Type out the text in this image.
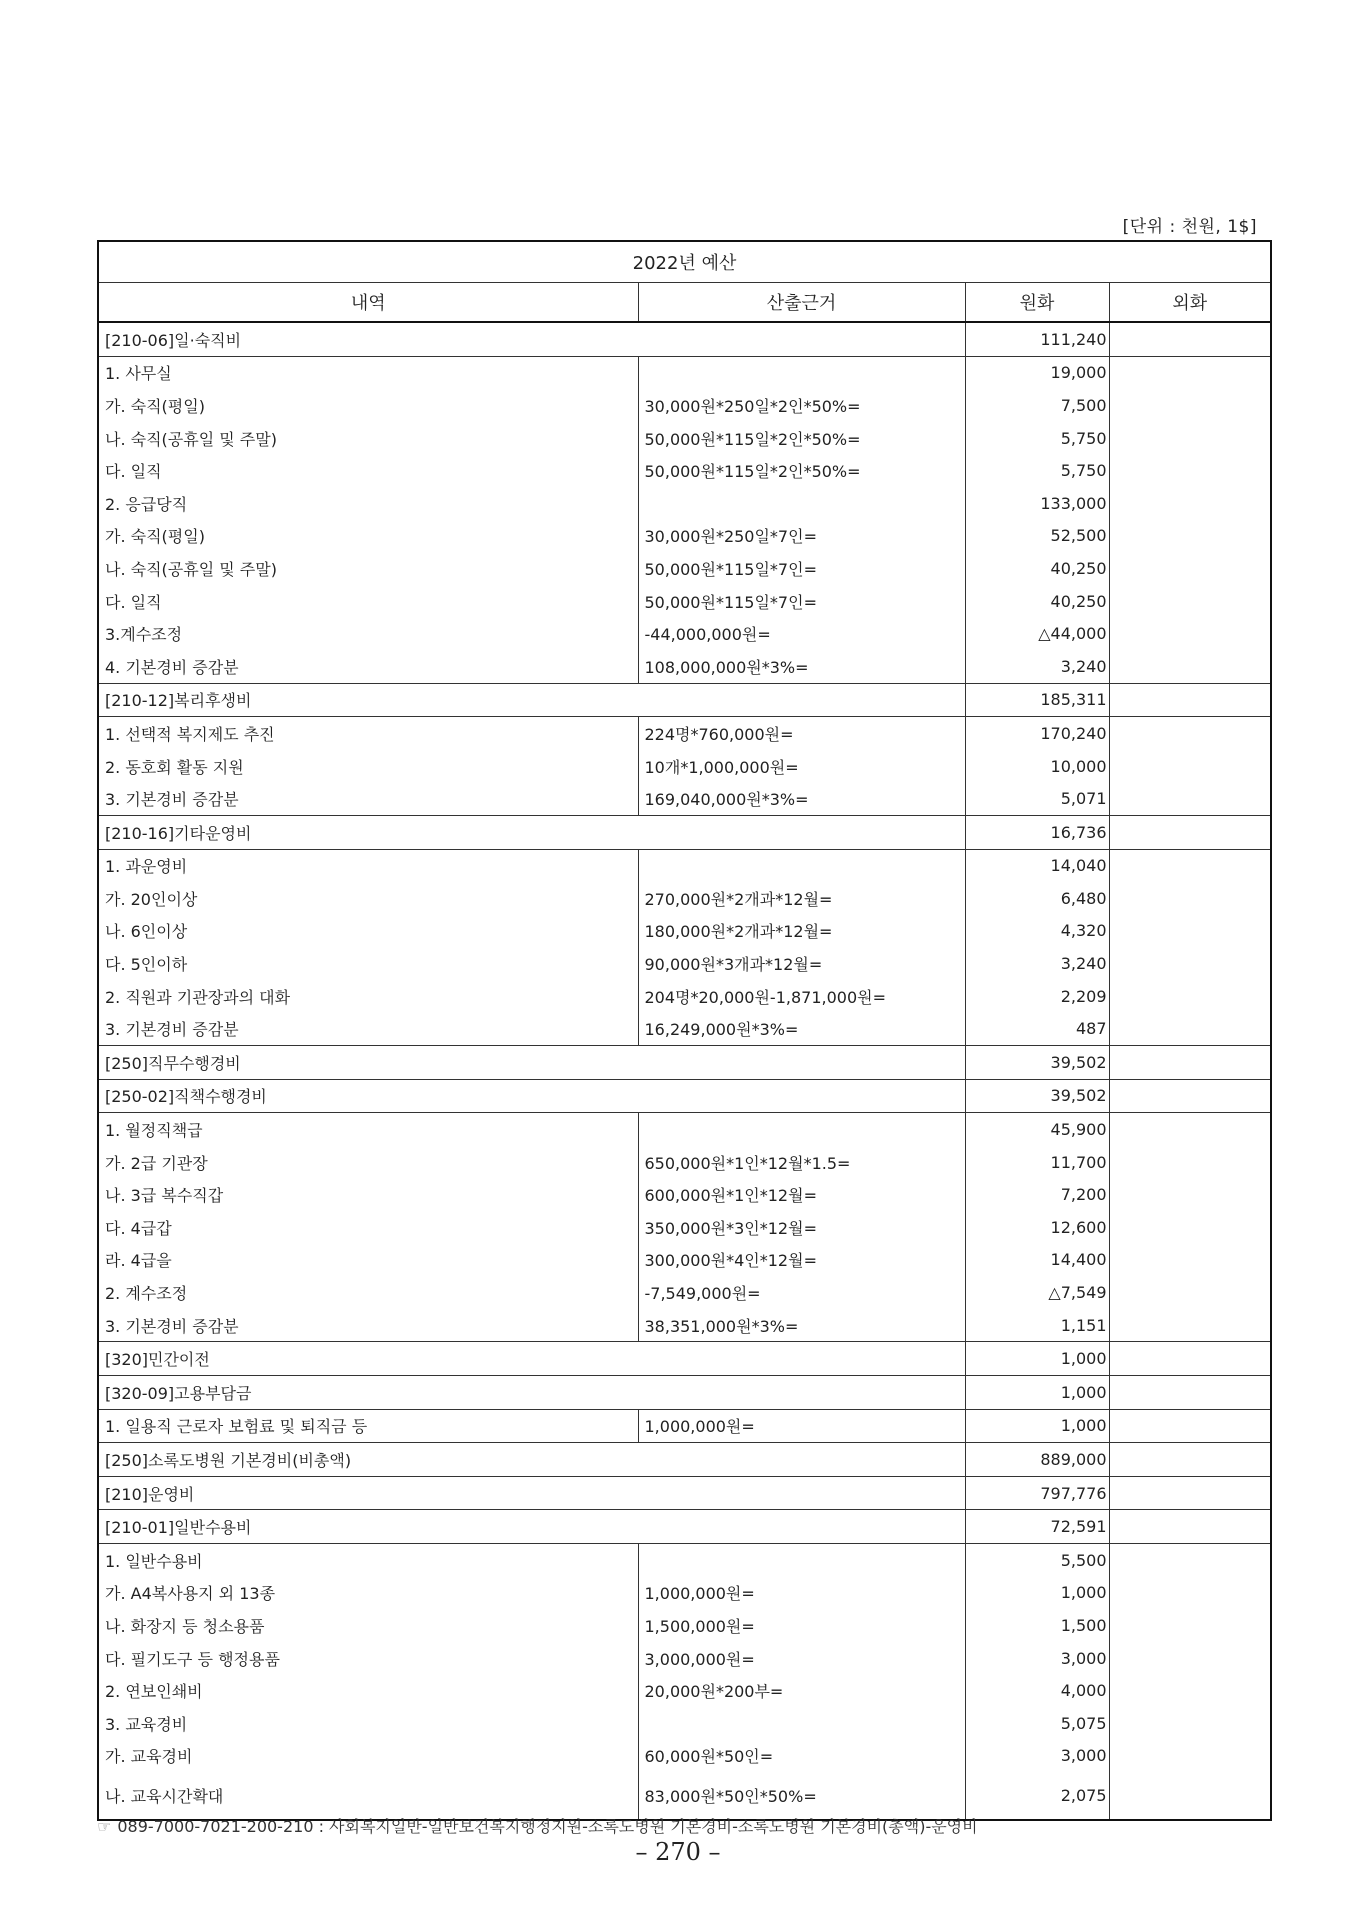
[단위 : 천원, 1$]
2022년 예산			
내역	산출근거	원화	외화
[210-06]일·숙직비		111,240	
1. 사무실		19,000	
가. 숙직(평일)	30,000원*250일*2인*50%=	7,500	
나. 숙직(공휴일 및 주말)	50,000원*115일*2인*50%=	5,750	
다. 일직	50,000원*115일*2인*50%=	5,750	
2. 응급당직		133,000	
가. 숙직(평일)	30,000원*250일*7인=	52,500	
나. 숙직(공휴일 및 주말)	50,000원*115일*7인=	40,250	
다. 일직	50,000원*115일*7인=	40,250	
3.계수조정	-44,000,000원=	△44,000	
4. 기본경비 증감분	108,000,000원*3%=	3,240	
[210-12]복리후생비		185,311	
1. 선택적 복지제도 추진	224명*760,000원=	170,240	
2. 동호회 활동 지원	10개*1,000,000원=	10,000	
3. 기본경비 증감분	169,040,000원*3%=	5,071	
[210-16]기타운영비		16,736	
1. 과운영비		14,040	
가. 20인이상	270,000원*2개과*12월=	6,480	
나. 6인이상	180,000원*2개과*12월=	4,320	
다. 5인이하	90,000원*3개과*12월=	3,240	
2. 직원과 기관장과의 대화	204명*20,000원-1,871,000원=	2,209	
3. 기본경비 증감분	16,249,000원*3%=	487	
[250]직무수행경비		39,502	
[250-02]직책수행경비		39,502	
1. 월정직책급		45,900	
가. 2급 기관장	650,000원*1인*12월*1.5=	11,700	
나. 3급 복수직갑	600,000원*1인*12월=	7,200	
다. 4급갑	350,000원*3인*12월=	12,600	
라. 4급을	300,000원*4인*12월=	14,400	
2. 계수조정	-7,549,000원=	△7,549	
3. 기본경비 증감분	38,351,000원*3%=	1,151	
[320]민간이전		1,000	
[320-09]고용부담금		1,000	
1. 일용직 근로자 보험료 및 퇴직금 등	1,000,000원=	1,000	
[250]소록도병원 기본경비(비총액)		889,000	
[210]운영비		797,776	
[210-01]일반수용비		72,591	
1. 일반수용비		5,500	
가. A4복사용지 외 13종	1,000,000원=	1,000	
나. 화장지 등 청소용품	1,500,000원=	1,500	
다. 필기도구 등 행정용품	3,000,000원=	3,000	
2. 연보인쇄비	20,000원*200부=	4,000	
3. 교육경비		5,075	
가. 교육경비	60,000원*50인=	3,000	
나. 교육시간확대	83,000원*50인*50%=	2,075	
☞ 089-7000-7021-200-210 : 사회복지일반-일반보건복지행정지원-소록도병원 기본경비-소록도병원 기본경비(총액)-운영비
– 270 –
